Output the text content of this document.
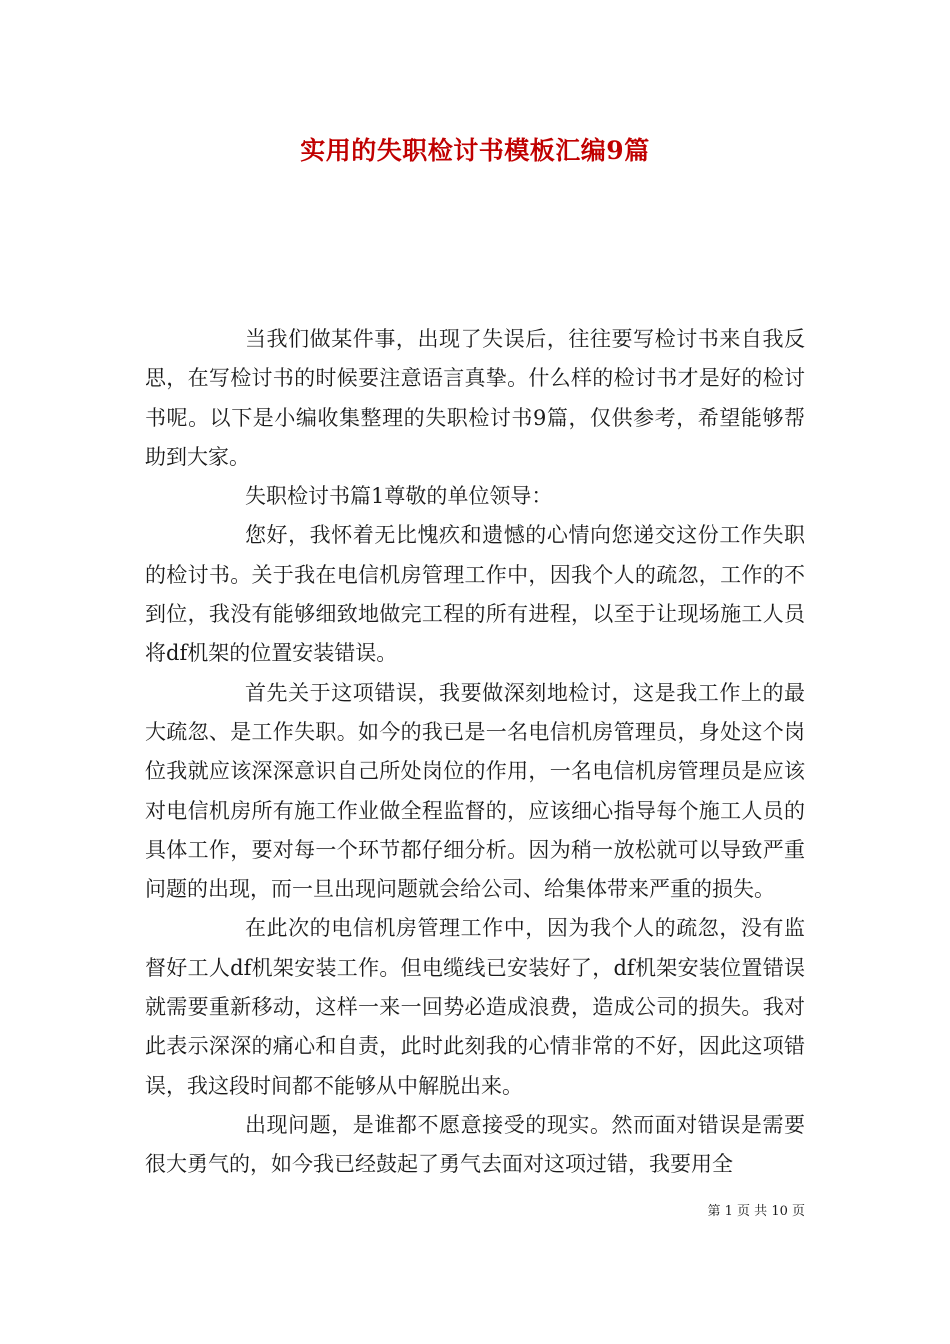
实用的失职检讨书模板汇编9篇

当我们做某件事，出现了失误后，往往要写检讨书来自我反思，在写检讨书的时候要注意语言真挚。什么样的检讨书才是好的检讨书呢。以下是小编收集整理的失职检讨书9篇，仅供参考，希望能够帮助到大家。

失职检讨书篇1尊敬的单位领导：

您好，我怀着无比愧疚和遗憾的心情向您递交这份工作失职的检讨书。关于我在电信机房管理工作中，因我个人的疏忽，工作的不到位，我没有能够细致地做完工程的所有进程，以至于让现场施工人员将df机架的位置安装错误。

首先关于这项错误，我要做深刻地检讨，这是我工作上的最大疏忽、是工作失职。如今的我已是一名电信机房管理员，身处这个岗位我就应该深深意识自己所处岗位的作用，一名电信机房管理员是应该对电信机房所有施工作业做全程监督的，应该细心指导每个施工人员的具体工作，要对每一个环节都仔细分析。因为稍一放松就可以导致严重问题的出现，而一旦出现问题就会给公司、给集体带来严重的损失。

在此次的电信机房管理工作中，因为我个人的疏忽，没有监督好工人df机架安装工作。但电缆线已安装好了，df机架安装位置错误就需要重新移动，这样一来一回势必造成浪费，造成公司的损失。我对此表示深深的痛心和自责，此时此刻我的心情非常的不好，因此这项错误，我这段时间都不能够从中解脱出来。

出现问题，是谁都不愿意接受的现实。然而面对错误是需要很大勇气的，如今我已经鼓起了勇气去面对这项过错，我要用全

第 1 页 共 10 页
